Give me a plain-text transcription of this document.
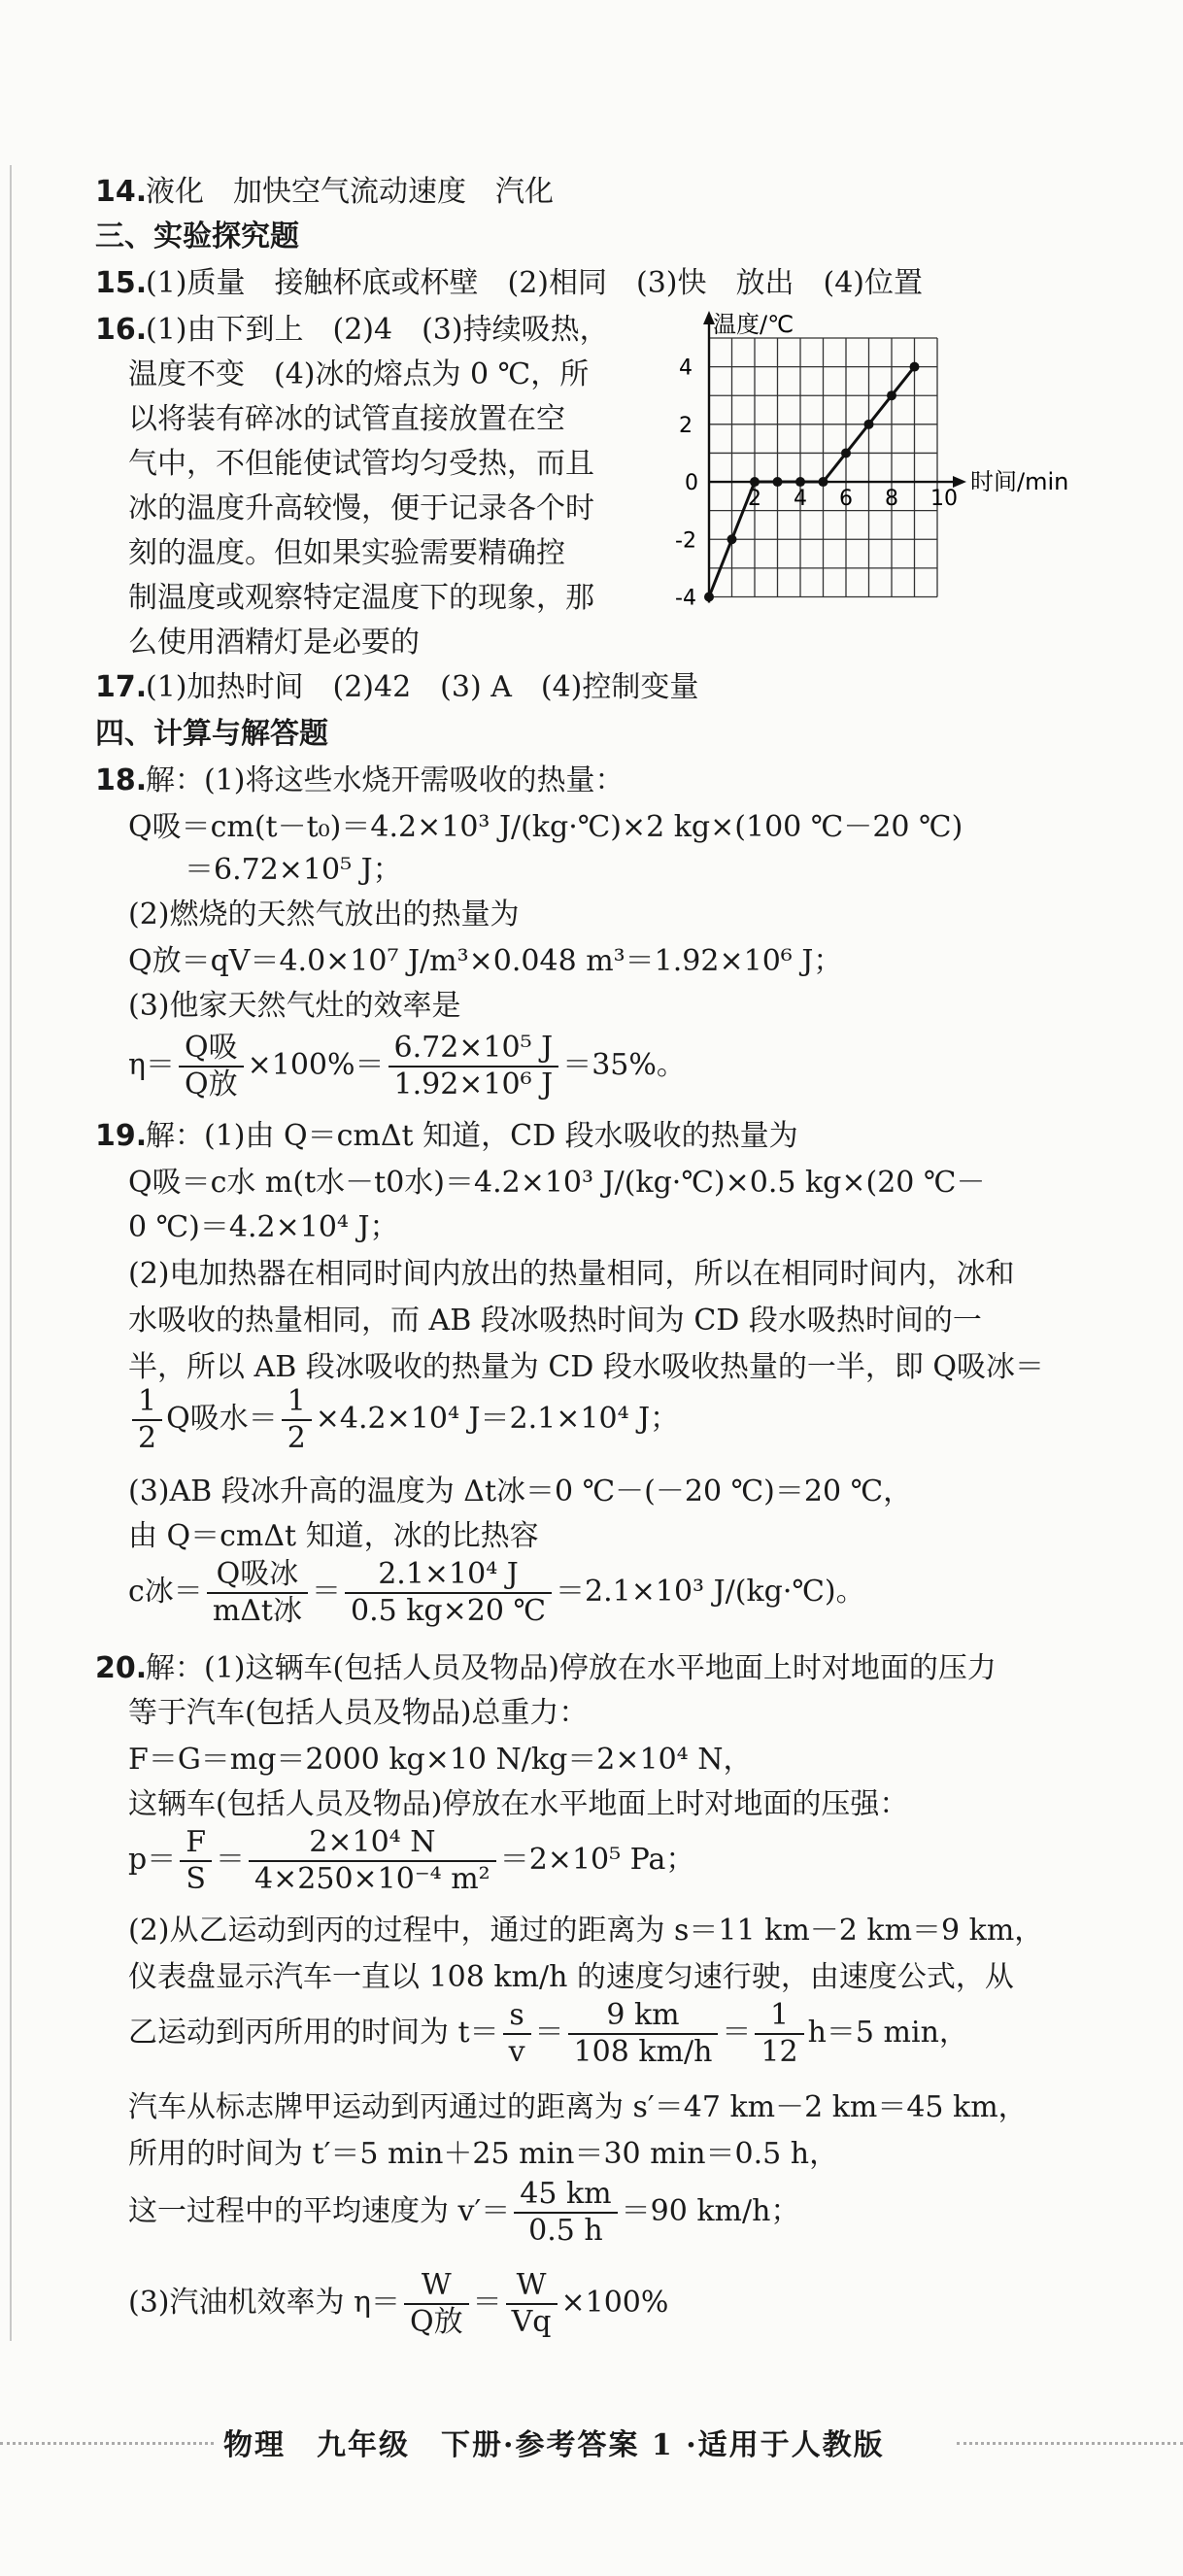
14.
液化　加快空气流动速度　汽化
三、实验探究题
15.
(1)质量　接触杯底或杯壁　(2)相同　(3)快　放出　(4)位置
16.
(1)由下到上　(2)4　(3)持续吸热，
温度不变　(4)冰的熔点为 0 ℃，所
以将装有碎冰的试管直接放置在空
气中，不但能使试管均匀受热，而且
冰的温度升高较慢，便于记录各个时
刻的温度。但如果实验需要精确控
制温度或观察特定温度下的现象，那
么使用酒精灯是必要的
2 4 6 8 10
4
2
-2
-4
0
温度/℃
时间/min
17.
(1)加热时间　(2)42　(3) A　(4)控制变量
四、计算与解答题
18.
解：(1)将这些水烧开需吸收的热量：
Q吸＝cm(t－t₀)＝4.2×10³ J/(kg·℃)×2 kg×(100 ℃－20 ℃)
＝6.72×10⁵ J；
(2)燃烧的天然气放出的热量为
Q放＝qV＝4.0×10⁷ J/m³×0.048 m³＝1.92×10⁶ J；
(3)他家天然气灶的效率是
$\eta= \frac{\text{Q吸}}{\text{Q放}} \times 100\%= \frac{\text{6.72×10⁵ J}}{\text{1.92×10⁶ J}} =35\%$。
19.
解：(1)由 Q＝cmΔt 知道，CD 段水吸收的热量为
Q吸＝c水 m(t水－t0水)＝4.2×10³ J/(kg·℃)×0.5 kg×(20 ℃－
0 ℃)＝4.2×10⁴ J；
(2)电加热器在相同时间内放出的热量相同，所以在相同时间内，冰和
水吸收的热量相同，而 AB 段冰吸热时间为 CD 段水吸热时间的一
半，所以 AB 段冰吸收的热量为 CD 段水吸收热量的一半，即 Q吸冰＝
$\frac{1}{2}$ Q吸水＝ $\frac{1}{2} \times 4.2\times 10^4$ J＝2.1×10⁴ J；
(3)AB 段冰升高的温度为 Δt冰＝0 ℃－(－20 ℃)＝20 ℃，
由 Q＝cmΔt 知道，冰的比热容
c冰＝ $\frac{\text{Q吸冰}}{\text{mΔt冰}} = \frac{\text{2.1×10⁴ J}}{0.5 kg\times 20 ℃} =2.1\times 10^3$ J/(kg·℃)。
20.
解：(1)这辆车(包括人员及物品)停放在水平地面上时对地面的压力
等于汽车(包括人员及物品)总重力：
F＝G＝mg＝2000 kg×10 N/kg＝2×10⁴ N，
这辆车(包括人员及物品)停放在水平地面上时对地面的压强：
$p= \frac{F}{S} = \frac{\text{2×10⁴ N}}{\text{4×250×10⁻⁴ m²}} =2\times 10^5$ Pa；
(2)从乙运动到丙的过程中，通过的距离为 s＝11 km－2 km＝9 km，
仪表盘显示汽车一直以 108 km/h 的速度匀速行驶，由速度公式，从
乙运动到丙所用的时间为 $t= \frac{s}{v} = \frac{9 km}{108 km/h} = \frac{1}{12} h=5$ min，
汽车从标志牌甲运动到丙通过的距离为 s′＝47 km－2 km＝45 km，
所用的时间为 t′＝5 min＋25 min＝30 min＝0.5 h，
这一过程中的平均速度为 $v'= \frac{45 km}{0.5 h} =90$ km/h；
(3)汽油机效率为 $\eta= \frac{W}{\text{Q放}} = \frac{W}{Vq} \times 100\%$
物理　九年级　下册·参考答案 1 ·适用于人教版
